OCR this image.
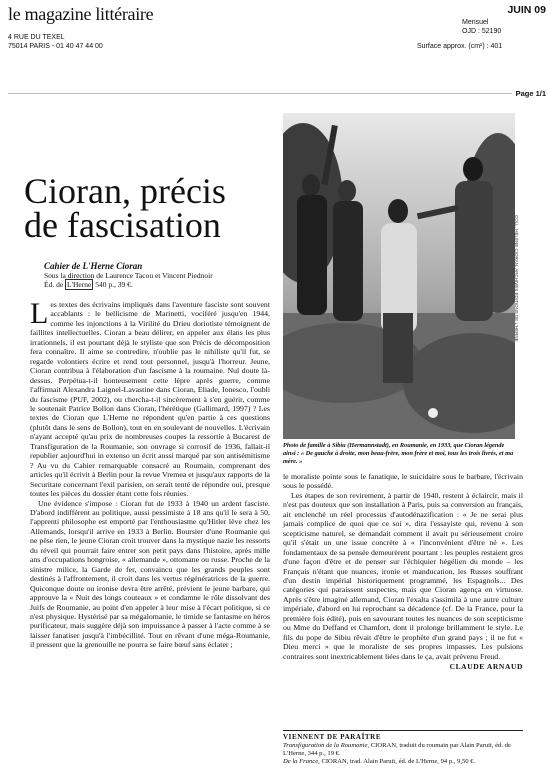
le magazine littéraire
4 RUE DU TEXEL
75014 PARIS - 01 40 47 44 00
JUIN 09
Mensuel
OJD : 52190
Surface approx. (cm²) : 401
Page 1/1
Cioran, précis
de fascisation
Cahier de L'Herne Cioran
Sous la direction de Laurence Tacou et Vincent Piednoir
Éd. de L'Herne 540 p., 39 €.

Les textes des écrivains impliqués dans l'aventure fasciste sont souvent accablants : le bellicisme de Marinetti, vociféré jusqu'en 1944, comme les injonctions à la Virilité du Drieu doriotiste témoignent de faillites intellectuelles. Cioran a beau délirer, en appeler aux élans les plus irrationnels, il est pourtant déjà le styliste que son Précis de décomposition fera connaître. Il aime se contredire, n'oublie pas le nihiliste qu'il fut, se regarde volontiers écrire et rend tout personnel, jusqu'à l'horreur. Jeune, Cioran contribua à l'élaboration d'un fascisme à la roumaine. Nul doute là-dessus. Perpétua-t-il honteusement cette lèpre après guerre, comme l'affirmait Alexandra Laignel-Lavastine dans Cioran, Eliade, Ionesco, l'oubli du fascisme (PUF, 2002), ou chercha-t-il sincèrement à s'en guérir, comme le soutenait Patrice Bollon dans Cioran, l'hérétique (Gallimard, 1997) ? Les textes de Cioran que L'Herne ne répondent qu'en partie à ces questions (plutôt dans le sens de Bollon), tout en en soulevant de nouvelles. L'écrivain n'ayant accepté qu'au prix de nombreuses coupes la ressortie à Bucarest de Transfiguration de la Roumanie, son ouvrage si corrosif de 1936, fallait-il republier aujourd'hui in extenso un écrit aussi marqué par son antisémitisme ? Au vu du Cahier remarquable consacré au Roumain, comprenant des articles qu'il écrivit à Berlin pour la revue Vremea et jusqu'aux rapports de la Securitate concernant l'exil parisien, on serait tenté de répondre oui, presque toutes les pièces du dossier étant cette fois réunies.

Une évidence s'impose : Cioran fut de 1933 à 1940 un ardent fasciste. D'abord indifférent au politique, aussi pessimiste à 18 ans qu'il le sera à 50, l'apprenti philosophe est emporté par l'enthousiasme qu'Hitler lève chez les Allemands, lorsqu'il arrive en 1933 à Berlin. Boursier d'une Roumanie qui ne pèse rien, le jeune Cioran croit trouver dans la mystique nazie les ressorts du réveil qui pourrait faire entrer son petit pays dans l'histoire, après mille ans d'occupations hongroise, « allemande », ottomane ou russe. Proche de la sinistre milice, la Garde de fer, convaincu que les grands peuples sont destinés à l'affrontement, il croit dans les vertus régénératrices de la guerre. Quiconque doute ou ironise devra être arrêté, prévient le jeune barbare, qui approuve la « Nuit des longs couteaux » et condamne le rôle dissolvant des Juifs de Roumanie, au point d'en appeler à leur mise à l'écart politique, si ce n'est physique. Hystérisé par sa mégalomanie, le timide se fantasme en héros purificateur, mais suggère déjà son impuissance à passer à l'acte comme à se laisser fanatiser jusqu'à l'imbécillité. Tout en rêvant d'une méga-Roumanie, il pressent que la grenouille ne pourra se faire bœuf sans éclater ;

COLL. HÉLÈNE CIORAN, ARCHIVES ÉDITIONS DE L'HERNE
Photo de famille à Sibiu (Hermannstadt), en Roumanie, en 1933, que Cioran légende ainsi : « De gauche à droite, mon beau-frère, mon frère et moi, tous les trois livrés, et ma mère. »

le moraliste pointe sous le fanatique, le suicidaire sous le barbare, l'écrivain sous le possédé.

Les étapes de son revirement, à partir de 1940, restent à éclaircir, mais il n'est pas douteux que son installation à Paris, puis sa conversion au français, ait enclenché un réel processus d'autodénazification : « Je ne serai plus jamais complice de quoi que ce soi », dira l'essayiste qui, revenu à son scepticisme naturel, se demandait comment il avait pu sérieusement croire qu'il s'était un une issue concrète à « l'inconvénient d'être né ». Les fondamentaux de sa pensée demeurèrent pourtant : les peuples restaient gros d'une façon d'être et de penser sur l'échiquier hégélien du monde – les Français n'étant que nuances, ironie et manducation, les Russes souffrant d'un destin impérial historiquement programmé, les Espagnols... Des catégories qui paraissent suspectes, mais que Cioran agença en virtuose. Après s'être imaginé allemand, Cioran l'exalta s'assimila à une autre culture impériale, d'abord en lui reprochant sa décadence (cf. De la France, pour la première fois édité), puis en savourant toutes les nuances de son scepticisme ou Mme du Deffand et Chamfort, dont il prolonge brillamment le style. Le fils du pope de Sibiu rêvait d'être le prophète d'un grand pays ; il ne fut « Dieu merci » que le moraliste de ses propres impasses. Les pulsions contraires sont inextricablement liées dans le ça, avait prévenu Freud.

CLAUDE ARNAUD
VIENNENT DE PARAÎTRE
Transfiguration de la Roumanie, CIORAN, traduit du roumain par Alain Paruit, éd. de L'Herne, 344 p., 19 €.
De la France, CIORAN, trad. Alain Paruit, éd. de L'Herne, 94 p., 9,50 €.
